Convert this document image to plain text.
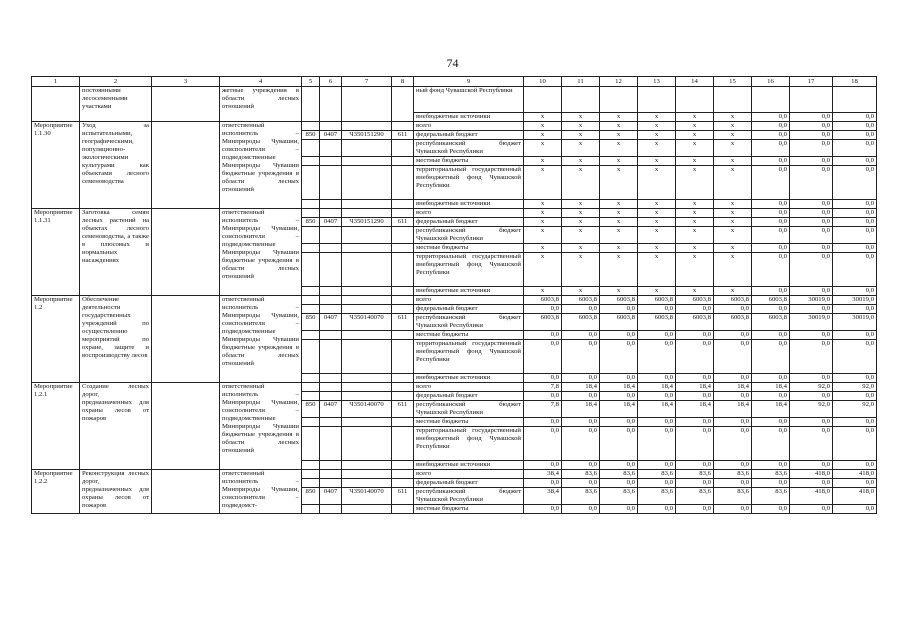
74
1	2	3	4	5	6	7	8	9	10	11	12	13	14	15	16	17	18
	постоянными лесосеменными участками		жетные учреждения в области лесных отношений					ный фонд Чувашской Республики									
								внебюджетные источники	x	x	x	x	x	x	0,0	0,0	0,0
Мероприятие 1.1.30	Уход за испытательными, географическими, популяционно-экологическими культурами как объектами лесного семеноводства		ответственный исполнитель – Минприроды Чувашии, соисполнители – подведомственные Минприроды Чувашии бюджетные учреждения в области лесных отношений					всего	x	x	x	x	x	x	0,0	0,0	0,0
				850	0407	Ч350151290	611	федеральный бюджет	x	x	x	x	x	x	0,0	0,0	0,0
								республиканский бюджет Чувашской Республики	x	x	x	x	x	x	0,0	0,0	0,0
								местные бюджеты	x	x	x	x	x	x	0,0	0,0	0,0
								территориальный государственный внебюджетный фонд Чувашской Республики	x	x	x	x	x	x	0,0	0,0	0,0
								внебюджетные источники	x	x	x	x	x	x	0,0	0,0	0,0
Мероприятие 1.1.31	Заготовка семян лесных растений на объектах лесного семеноводства, а также в плюсовых и нормальных насаждениях		ответственный исполнитель – Минприроды Чувашии, соисполнители – подведомственные Минприроды Чувашии бюджетные учреждения в области лесных отношений					всего	x	x	x	x	x	x	0,0	0,0	0,0
				850	0407	Ч350151290	611	федеральный бюджет	x	x	x	x	x	x	0,0	0,0	0,0
								республиканский бюджет Чувашской Республики	x	x	x	x	x	x	0,0	0,0	0,0
								местные бюджеты	x	x	x	x	x	x	0,0	0,0	0,0
								территориальный государственный внебюджетный фонд Чувашской Республики	x	x	x	x	x	x	0,0	0,0	0,0
								внебюджетные источники	x	x	x	x	x	x	0,0	0,0	0,0
Мероприятие 1.2	Обеспечение деятельности государственных учреждений по осуществлению мероприятий по охране, защите и воспроизводству лесов		ответственный исполнитель – Минприроды Чувашии, соисполнители – подведомственные Минприроды Чувашии бюджетные учреждения в области лесных отношений					всего	6003,8	6003,8	6003,8	6003,8	6003,8	6003,8	6003,8	30019,0	30019,0
								федеральный бюджет	0,0	0,0	0,0	0,0	0,0	0,0	0,0	0,0	0,0
				850	0407	Ч350140070	611	республиканский бюджет Чувашской Республики	6003,8	6003,8	6003,8	6003,8	6003,8	6003,8	6003,8	30019,0	30019,0
								местные бюджеты	0,0	0,0	0,0	0,0	0,0	0,0	0,0	0,0	0,0
								территориальный государственный внебюджетный фонд Чувашской Республики	0,0	0,0	0,0	0,0	0,0	0,0	0,0	0,0	0,0
								внебюджетные источники	0,0	0,0	0,0	0,0	0,0	0,0	0,0	0,0	0,0
Мероприятие 1.2.1	Создание лесных дорог, предназначенных для охраны лесов от пожаров		ответственный исполнитель – Минприроды Чувашии, соисполнители – подведомственные Минприроды Чувашии бюджетные учреждения в области лесных отношений					всего	7,8	18,4	18,4	18,4	18,4	18,4	18,4	92,0	92,0
								федеральный бюджет	0,0	0,0	0,0	0,0	0,0	0,0	0,0	0,0	0,0
				850	0407	Ч350140070	611	республиканский бюджет Чувашской Республики	7,8	18,4	18,4	18,4	18,4	18,4	18,4	92,0	92,0
								местные бюджеты	0,0	0,0	0,0	0,0	0,0	0,0	0,0	0,0	0,0
								территориальный государственный внебюджетный фонд Чувашской Республики	0,0	0,0	0,0	0,0	0,0	0,0	0,0	0,0	0,0
								внебюджетные источники	0,0	0,0	0,0	0,0	0,0	0,0	0,0	0,0	0,0
Мероприятие 1.2.2	Реконструкция лесных дорог, предназначенных для охраны лесов от пожаров		ответственный исполнитель – Минприроды Чувашии, соисполнители – подведомст-					всего	38,4	83,6	83,6	83,6	83,6	83,6	83,6	418,0	418,0
								федеральный бюджет	0,0	0,0	0,0	0,0	0,0	0,0	0,0	0,0	0,0
				850	0407	Ч350140070	611	республиканский бюджет Чувашской Республики	38,4	83,6	83,6	83,6	83,6	83,6	83,6	418,0	418,0
								местные бюджеты	0,0	0,0	0,0	0,0	0,0	0,0	0,0	0,0	0,0
